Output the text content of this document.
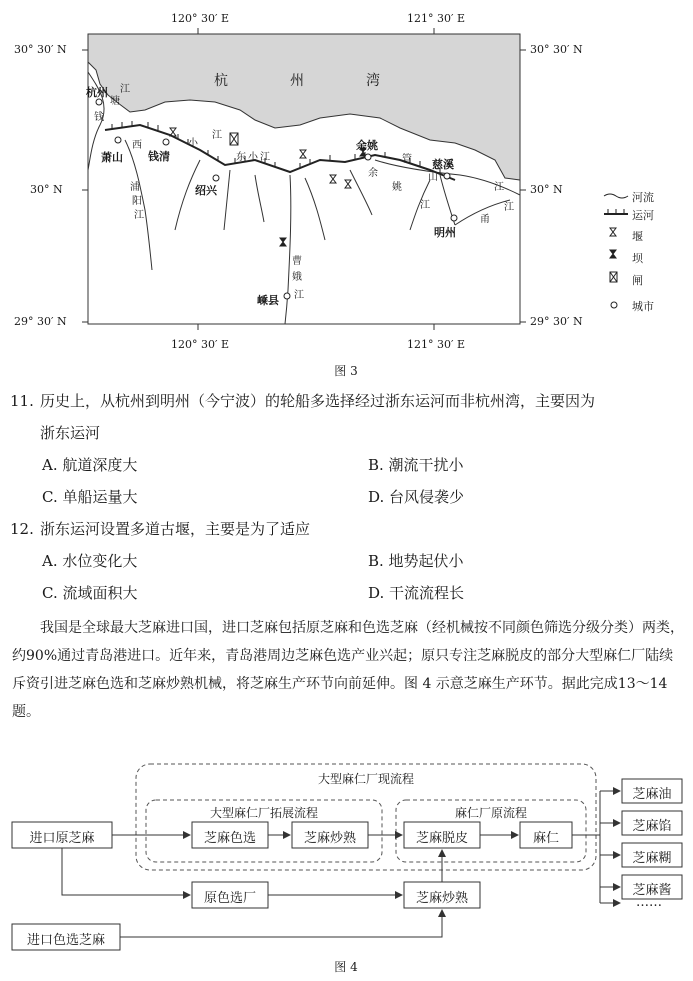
120° 30′ E	121° 30′ E
120° 30′ E	121° 30′ E
30° 30′ N
30° N
29° 30′ N
30° 30′ N
30° N
29° 30′ N
杭	州	湾
杭州
萧山 钱清
绍兴
余姚
慈溪
明州
嵊县
塘
钱
江
浦
阳
江
西	小
江
东 小 江
曹
娥
江
余
姚
江
管
山
江
甬
江
河流
运河
堰
坝
闸
城市
图 3
11. 历史上，从杭州到明州（今宁波）的轮船多选择经过浙东运河而非杭州湾，主要因为
浙东运河
A. 航道深度大	B. 潮流干扰小
C. 单船运量大	D. 台风侵袭少
12. 浙东运河设置多道古堰，主要是为了适应
A. 水位变化大	B. 地势起伏小
C. 流域面积大	D. 干流流程长
我国是全球最大芝麻进口国，进口芝麻包括原芝麻和色选芝麻（经机械按不同颜色筛选分级分类）两类，约90%通过青岛港进口。近年来，青岛港周边芝麻色选产业兴起；原只专注芝麻脱皮的部分大型麻仁厂陆续斥资引进芝麻色选和芝麻炒熟机械，将芝麻生产环节向前延伸。图 4 示意芝麻生产环节。据此完成13～14 题。
大型麻仁厂现流程
大型麻仁厂拓展流程	麻仁厂原流程
进口原芝麻	芝麻色选	芝麻炒熟	芝麻脱皮	麻仁
原色选厂	芝麻炒熟
进口色选芝麻
芝麻油
芝麻馅
芝麻糊
芝麻酱
……
图 4
